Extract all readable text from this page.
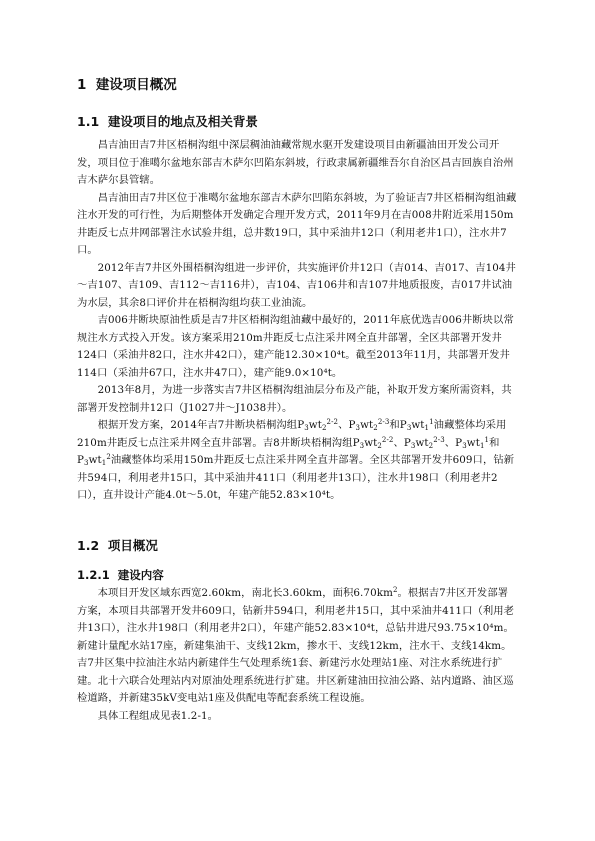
1 建设项目概况
1.1 建设项目的地点及相关背景

昌吉油田吉7井区梧桐沟组中深层稠油油藏常规水驱开发建设项目由新疆油田开发公司开发，项目位于准噶尔盆地东部吉木萨尔凹陷东斜坡，行政隶属新疆维吾尔自治区昌吉回族自治州吉木萨尔县管辖。

昌吉油田吉7井区位于准噶尔盆地东部吉木萨尔凹陷东斜坡，为了验证吉7井区梧桐沟组油藏注水开发的可行性，为后期整体开发确定合理开发方式，2011年9月在吉008井附近采用150m井距反七点井网部署注水试验井组，总井数19口，其中采油井12口（利用老井1口），注水井7口。

2012年吉7井区外围梧桐沟组进一步评价，共实施评价井12口（吉014、吉017、吉104井～吉107、吉109、吉112～吉116井），吉104、吉106井和吉107井地质报废，吉017井试油为水层，其余8口评价井在梧桐沟组均获工业油流。

吉006井断块原油性质是吉7井区梧桐沟组油藏中最好的，2011年底优选吉006井断块以常规注水方式投入开发。该方案采用210m井距反七点注采井网全直井部署，全区共部署开发井124口（采油井82口，注水井42口），建产能12.30×10⁴t。截至2013年11月，共部署开发井114口（采油井67口，注水井47口），建产能9.0×10⁴t。

2013年8月，为进一步落实吉7井区梧桐沟组油层分布及产能，补取开发方案所需资料，共部署开发控制井12口（J1027井～J1038井）。

根据开发方案，2014年吉7井断块梧桐沟组$P_3wt_2^{2-2}$、$P_3wt_2^{2-3}$和$P_3wt_1^1$油藏整体均采用210m井距反七点注采井网全直井部署。吉8井断块梧桐沟组$P_3wt_2^{2-2}$、$P_3wt_2^{2-3}$、$P_3wt_1^1$和$P_3wt_1^2$油藏整体均采用150m井距反七点注采井网全直井部署。全区共部署开发井609口，钻新井594口，利用老井15口，其中采油井411口（利用老井13口），注水井198口（利用老井2口），直井设计产能4.0t～5.0t，年建产能52.83×10⁴t。

1.2 项目概况
1.2.1 建设内容

本项目开发区域东西宽2.60km，南北长3.60km，面积$6.70km^2$。根据吉7井区开发部署方案，本项目共部署开发井609口，钻新井594口，利用老井15口，其中采油井411口（利用老井13口），注水井198口（利用老井2口），年建产能52.83×10⁴t，总钻井进尺93.75×10⁴m。新建计量配水站17座，新建集油干、支线12km，掺水干、支线12km，注水干、支线14km。吉7井区集中拉油注水站内新建伴生气处理系统1套、新建污水处理站1座、对注水系统进行扩建。北十六联合处理站内对原油处理系统进行扩建。井区新建油田拉油公路、站内道路、油区巡检道路，并新建35kV变电站1座及供配电等配套系统工程设施。

具体工程组成见表1.2-1。
